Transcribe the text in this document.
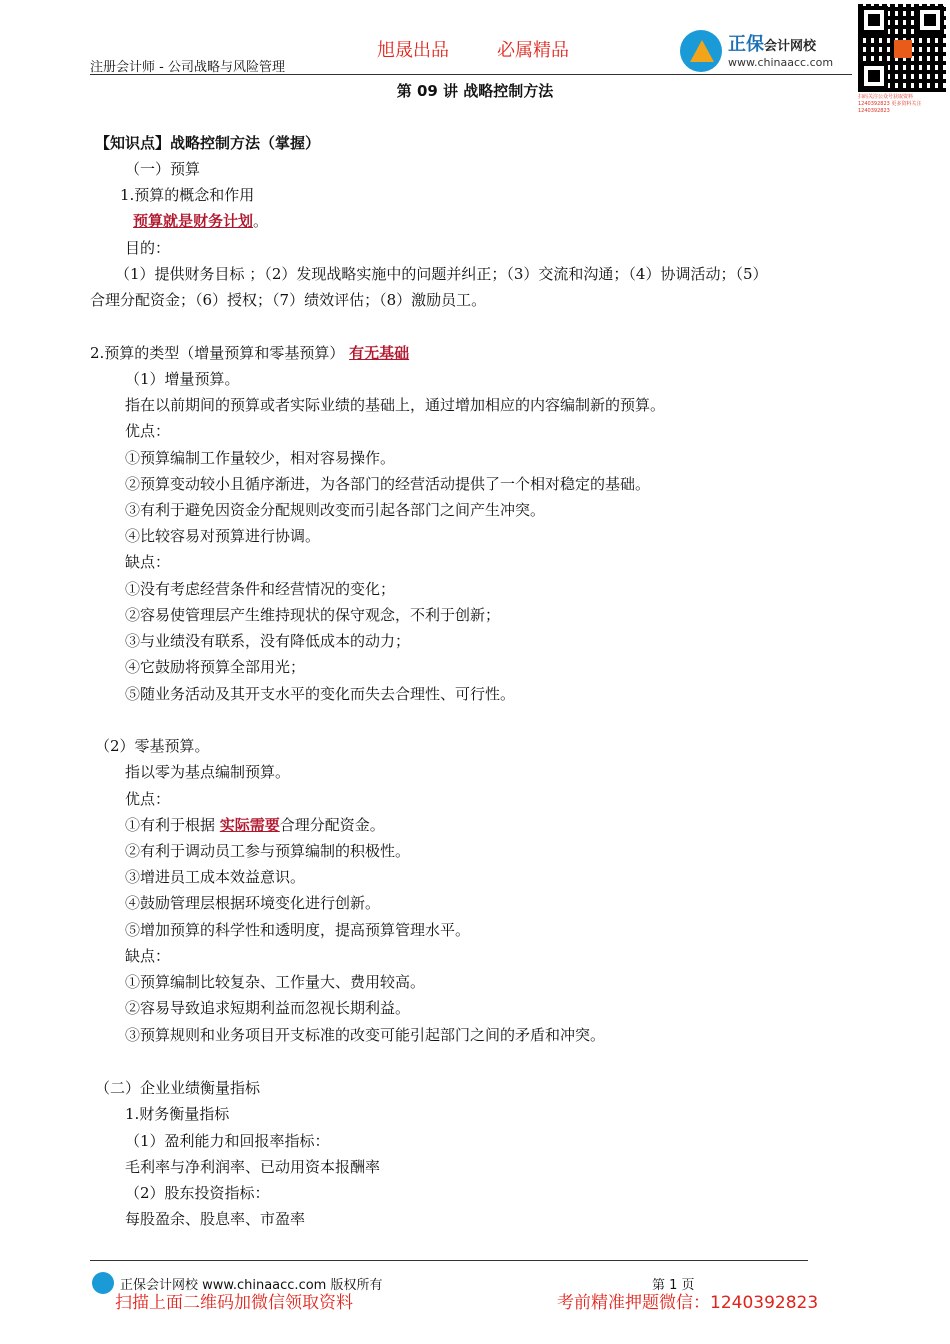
旭晟出品	必属精品
注册会计师 - 公司战略与风险管理
正保会计网校
www.chinaacc.com
扫码关注公众号获取资料 1240392823 更多资料关注 1240392823
第 09 讲 战略控制方法
【知识点】战略控制方法（掌握）
（一）预算
1.预算的概念和作用
预算就是财务计划。
目的：
（1）提供财务目标 ；（2）发现战略实施中的问题并纠正；（3）交流和沟通；（4）协调活动；（5）
合理分配资金；（6）授权；（7）绩效评估；（8）激励员工。
2.预算的类型（增量预算和零基预算） 有无基础
（1）增量预算。
指在以前期间的预算或者实际业绩的基础上，通过增加相应的内容编制新的预算。
优点：
①预算编制工作量较少，相对容易操作。
②预算变动较小且循序渐进，为各部门的经营活动提供了一个相对稳定的基础。
③有利于避免因资金分配规则改变而引起各部门之间产生冲突。
④比较容易对预算进行协调。
缺点：
①没有考虑经营条件和经营情况的变化；
②容易使管理层产生维持现状的保守观念，不利于创新；
③与业绩没有联系，没有降低成本的动力；
④它鼓励将预算全部用光；
⑤随业务活动及其开支水平的变化而失去合理性、可行性。
（2）零基预算。
指以零为基点编制预算。
优点：
①有利于根据 实际需要合理分配资金。
②有利于调动员工参与预算编制的积极性。
③增进员工成本效益意识。
④鼓励管理层根据环境变化进行创新。
⑤增加预算的科学性和透明度，提高预算管理水平。
缺点：
①预算编制比较复杂、工作量大、费用较高。
②容易导致追求短期利益而忽视长期利益。
③预算规则和业务项目开支标准的改变可能引起部门之间的矛盾和冲突。
（二）企业业绩衡量指标
1.财务衡量指标
（1）盈利能力和回报率指标：
毛利率与净利润率、已动用资本报酬率
（2）股东投资指标：
每股盈余、股息率、市盈率
正保会计网校 www.chinaacc.com 版权所有	第 1 页
扫描上面二维码加微信领取资料	考前精准押题微信：1240392823
